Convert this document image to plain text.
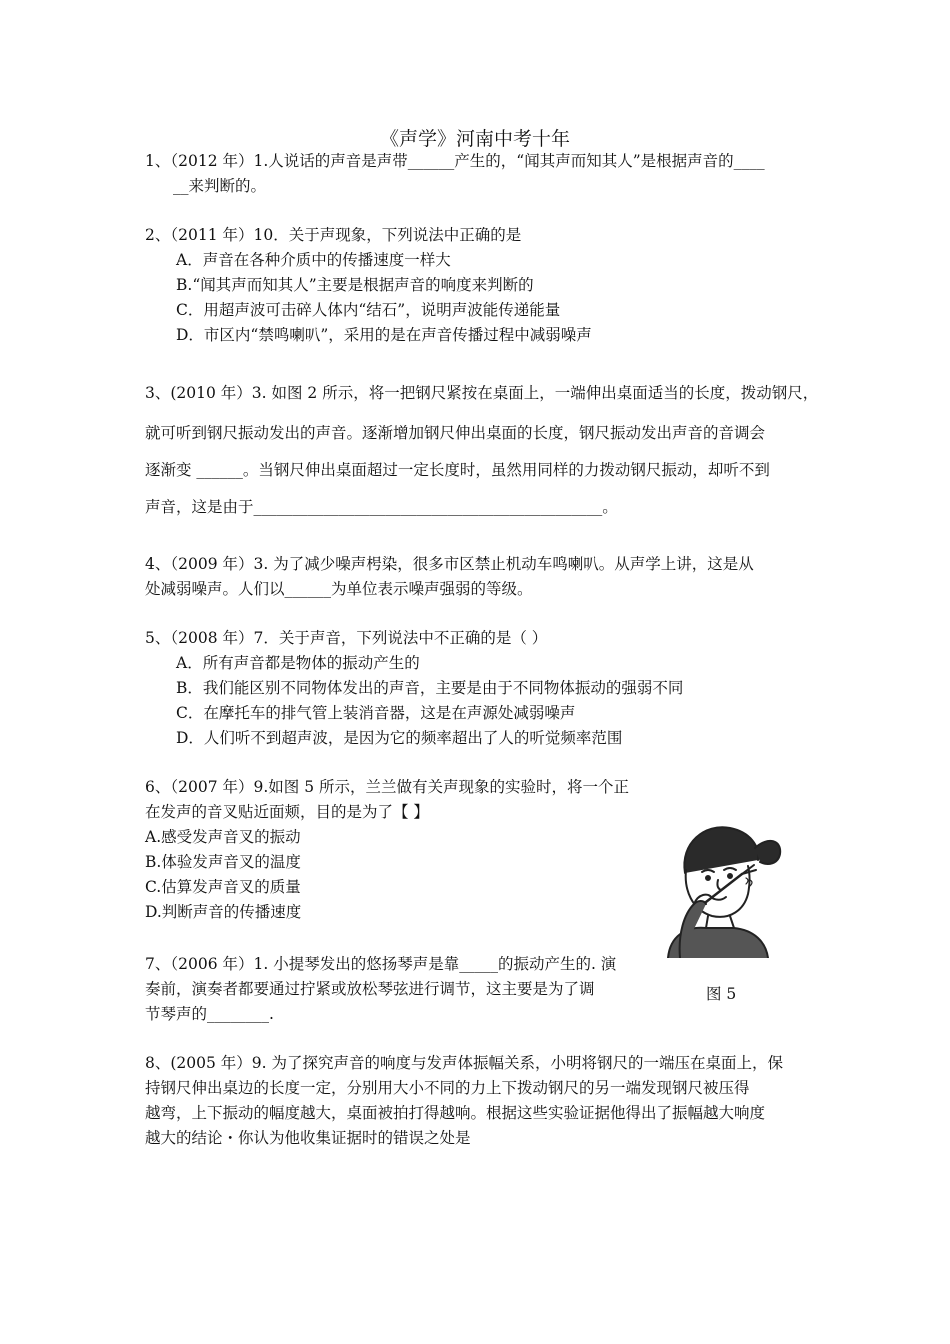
《声学》河南中考十年
1、（2012 年）1.人说话的声音是声带______产生的，“闻其声而知其人”是根据声音的____
__来判断的。
2、（2011 年）10．关于声现象，下列说法中正确的是
A．声音在各种介质中的传播速度一样大
B.“闻其声而知其人”主要是根据声音的响度来判断的
C．用超声波可击碎人体内“结石”，说明声波能传递能量
D．市区内“禁鸣喇叭”，采用的是在声音传播过程中减弱噪声
3、(2010 年）3. 如图 2 所示，将一把钢尺紧按在桌面上，一端伸出桌面适当的长度，拨动钢尺，
就可听到钢尺振动发出的声音。逐渐增加钢尺伸出桌面的长度，钢尺振动发出声音的音调会
逐渐变 ______。当钢尺伸出桌面超过一定长度时，虽然用同样的力拨动钢尺振动，却听不到
声音，这是由于_____________________________________________。
4、（2009 年）3. 为了减少噪声枵染，很多市区禁止机动车鸣喇叭。从声学上讲，这是从
处减弱噪声。人们以______为单位表示噪声强弱的等级。
5、（2008 年）7．关于声音，下列说法中不正确的是（ ）
A．所有声音都是物体的振动产生的
B．我们能区别不同物体发出的声音，主要是由于不同物体振动的强弱不同
C．在摩托车的排气管上装消音器，这是在声源处减弱噪声
D．人们听不到超声波，是因为它的频率超出了人的听觉频率范围
6、（2007 年）9.如图 5 所示，兰兰做有关声现象的实验时，将一个正
在发声的音叉贴近面颊，目的是为了【 】
A.感受发声音叉的振动
B.体验发声音叉的温度
C.估算发声音叉的质量
D.判断声音的传播速度
图 5
7、（2006 年）1. 小提琴发出的悠扬琴声是靠_____的振动产生的. 演
奏前，演奏者都要通过拧紧或放松琴弦进行调节，这主要是为了调
节琴声的________.
8、(2005 年）9. 为了探究声音的响度与发声体振幅关系，小明将钢尺的一端压在桌面上，保
持钢尺伸出桌边的长度一定，分别用大小不同的力上下拨动钢尺的另一端发现钢尺被压得
越弯，上下振动的幅度越大，桌面被拍打得越响。根据这些实验证据他得出了振幅越大响度
越大的结论・你认为他收集证据时的错误之处是
